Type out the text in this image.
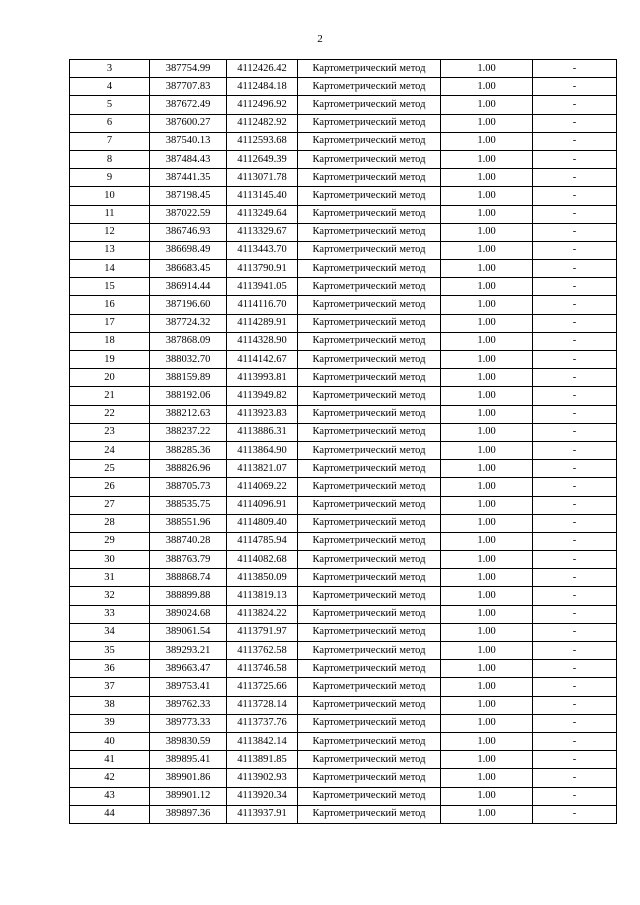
2
3	387754.99	4112426.42	Картометрический метод	1.00	-
4	387707.83	4112484.18	Картометрический метод	1.00	-
5	387672.49	4112496.92	Картометрический метод	1.00	-
6	387600.27	4112482.92	Картометрический метод	1.00	-
7	387540.13	4112593.68	Картометрический метод	1.00	-
8	387484.43	4112649.39	Картометрический метод	1.00	-
9	387441.35	4113071.78	Картометрический метод	1.00	-
10	387198.45	4113145.40	Картометрический метод	1.00	-
11	387022.59	4113249.64	Картометрический метод	1.00	-
12	386746.93	4113329.67	Картометрический метод	1.00	-
13	386698.49	4113443.70	Картометрический метод	1.00	-
14	386683.45	4113790.91	Картометрический метод	1.00	-
15	386914.44	4113941.05	Картометрический метод	1.00	-
16	387196.60	4114116.70	Картометрический метод	1.00	-
17	387724.32	4114289.91	Картометрический метод	1.00	-
18	387868.09	4114328.90	Картометрический метод	1.00	-
19	388032.70	4114142.67	Картометрический метод	1.00	-
20	388159.89	4113993.81	Картометрический метод	1.00	-
21	388192.06	4113949.82	Картометрический метод	1.00	-
22	388212.63	4113923.83	Картометрический метод	1.00	-
23	388237.22	4113886.31	Картометрический метод	1.00	-
24	388285.36	4113864.90	Картометрический метод	1.00	-
25	388826.96	4113821.07	Картометрический метод	1.00	-
26	388705.73	4114069.22	Картометрический метод	1.00	-
27	388535.75	4114096.91	Картометрический метод	1.00	-
28	388551.96	4114809.40	Картометрический метод	1.00	-
29	388740.28	4114785.94	Картометрический метод	1.00	-
30	388763.79	4114082.68	Картометрический метод	1.00	-
31	388868.74	4113850.09	Картометрический метод	1.00	-
32	388899.88	4113819.13	Картометрический метод	1.00	-
33	389024.68	4113824.22	Картометрический метод	1.00	-
34	389061.54	4113791.97	Картометрический метод	1.00	-
35	389293.21	4113762.58	Картометрический метод	1.00	-
36	389663.47	4113746.58	Картометрический метод	1.00	-
37	389753.41	4113725.66	Картометрический метод	1.00	-
38	389762.33	4113728.14	Картометрический метод	1.00	-
39	389773.33	4113737.76	Картометрический метод	1.00	-
40	389830.59	4113842.14	Картометрический метод	1.00	-
41	389895.41	4113891.85	Картометрический метод	1.00	-
42	389901.86	4113902.93	Картометрический метод	1.00	-
43	389901.12	4113920.34	Картометрический метод	1.00	-
44	389897.36	4113937.91	Картометрический метод	1.00	-
